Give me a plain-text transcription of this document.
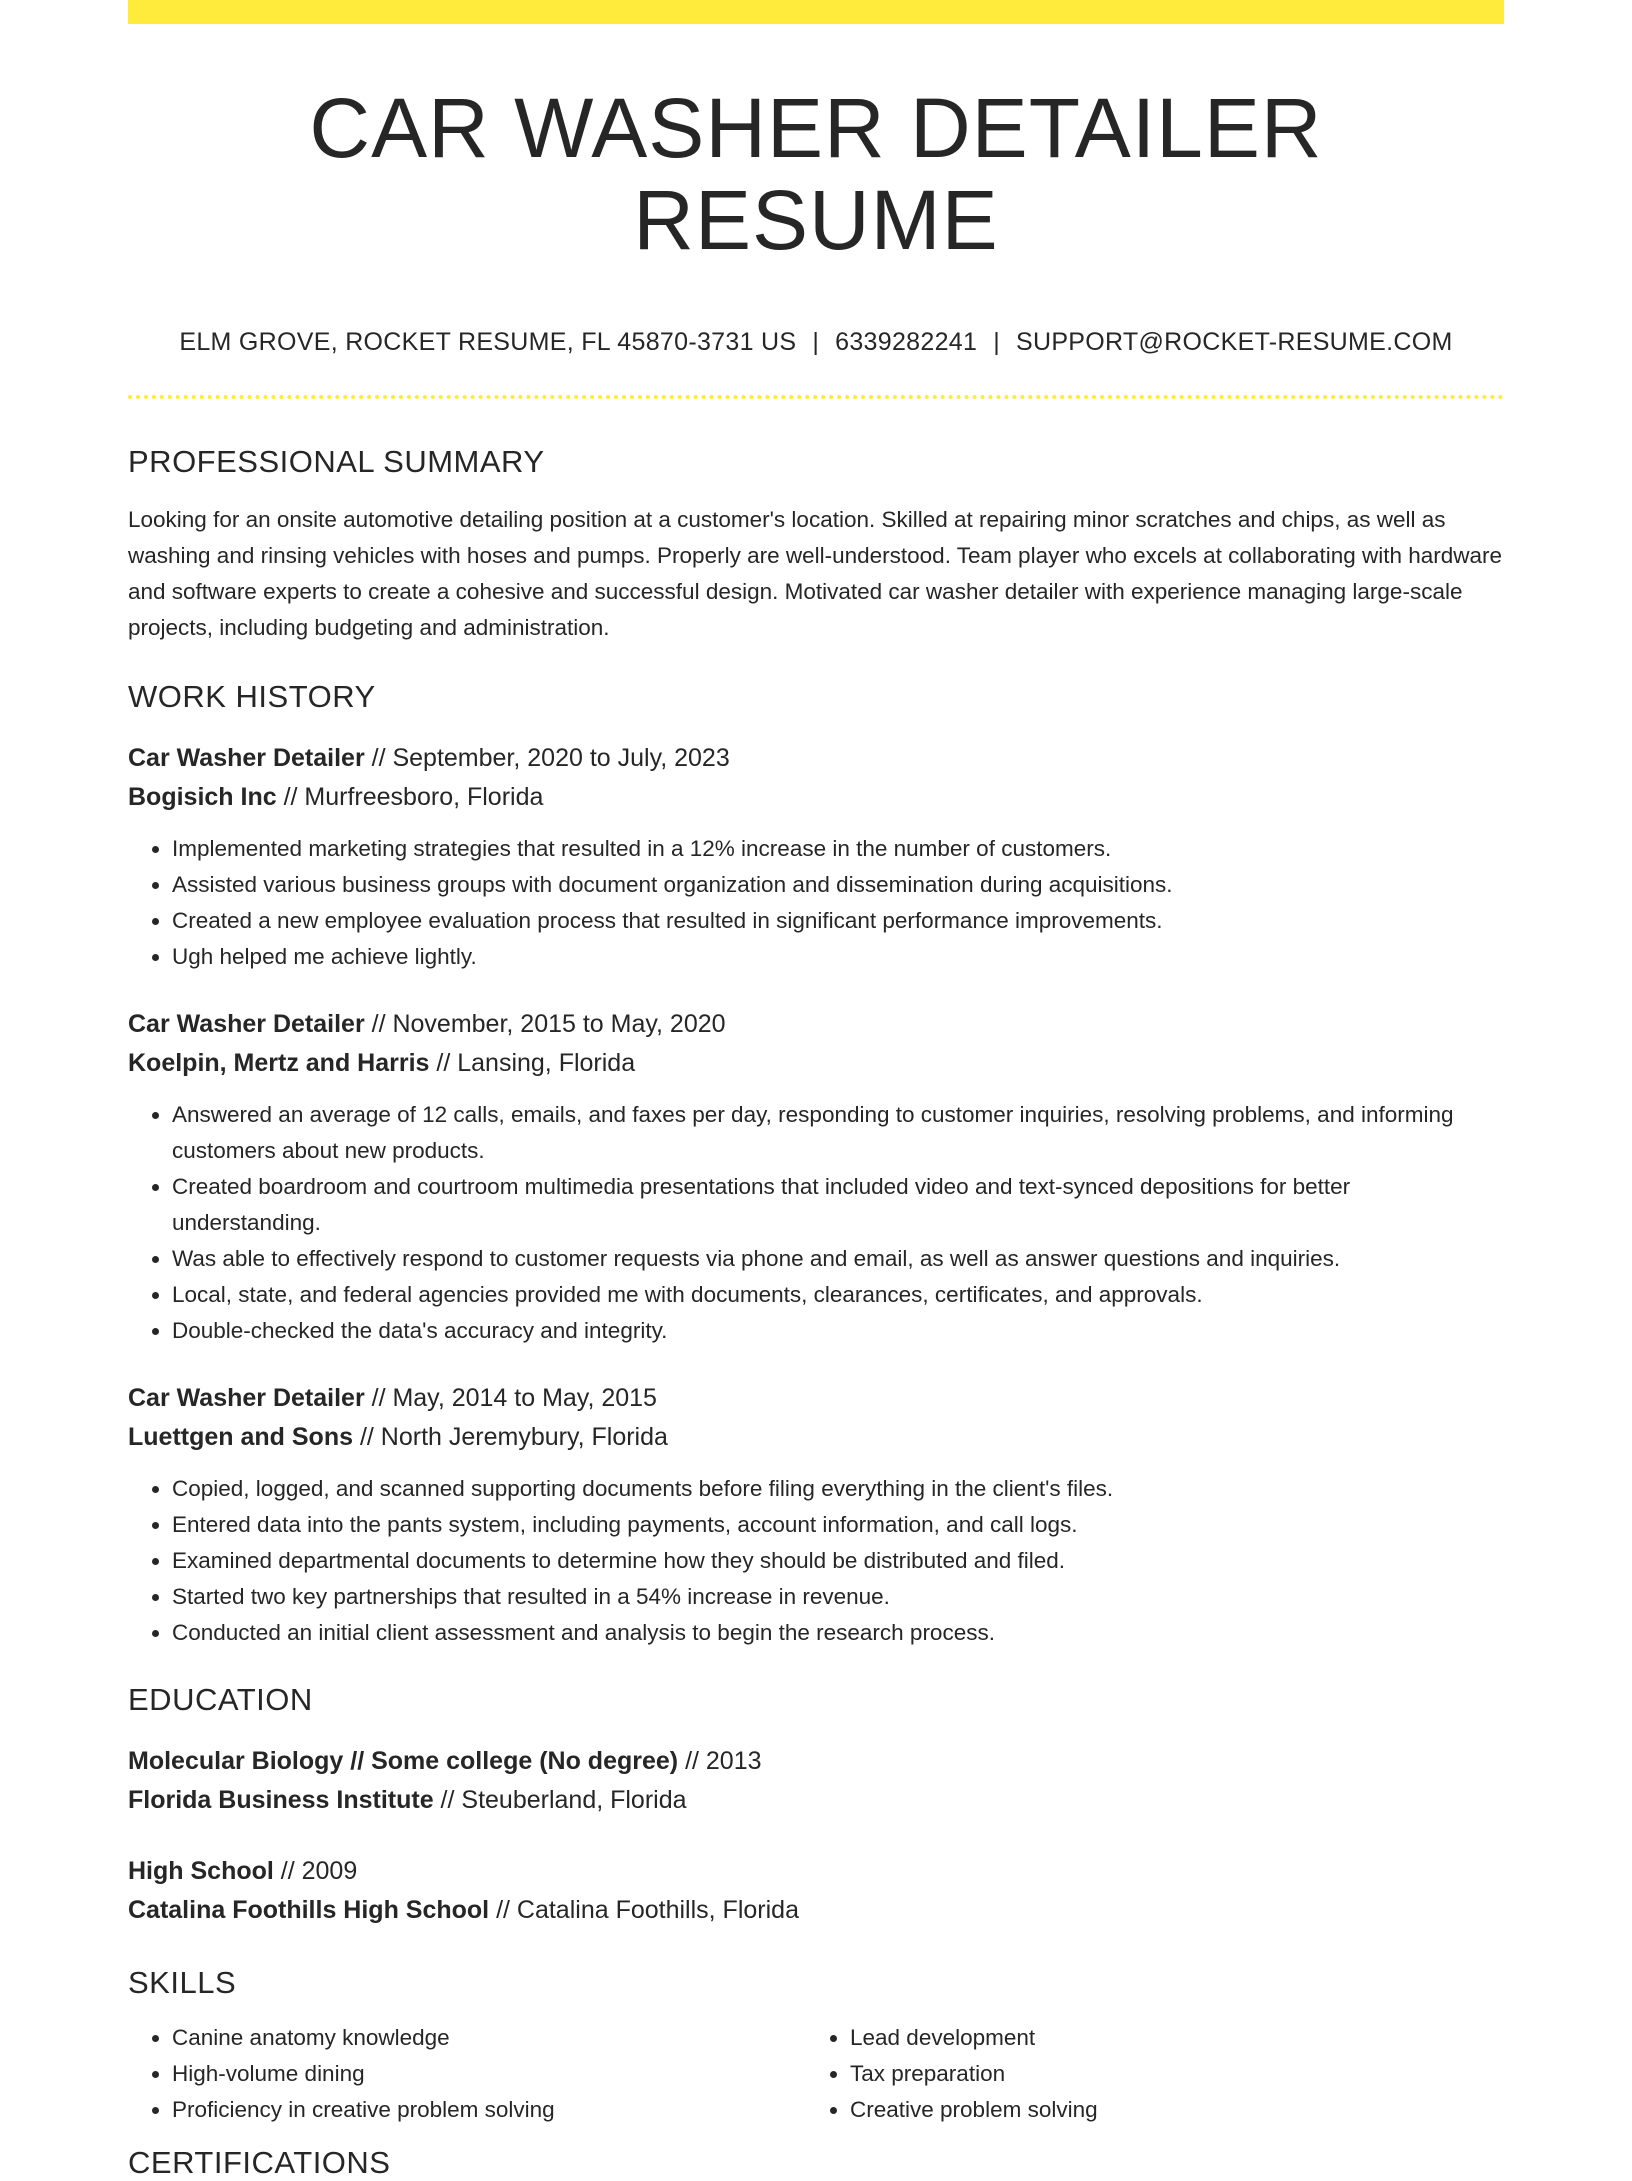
CAR WASHER DETAILER RESUME
ELM GROVE, ROCKET RESUME, FL 45870-3731 US | 6339282241 | SUPPORT@ROCKET-RESUME.COM
PROFESSIONAL SUMMARY

Looking for an onsite automotive detailing position at a customer's location. Skilled at repairing minor scratches and chips, as well as washing and rinsing vehicles with hoses and pumps. Properly are well-understood. Team player who excels at collaborating with hardware and software experts to create a cohesive and successful design. Motivated car washer detailer with experience managing large-scale projects, including budgeting and administration.

WORK HISTORY
Car Washer Detailer // September, 2020 to July, 2023
Bogisich Inc // Murfreesboro, Florida
• Implemented marketing strategies that resulted in a 12% increase in the number of customers.
• Assisted various business groups with document organization and dissemination during acquisitions.
• Created a new employee evaluation process that resulted in significant performance improvements.
• Ugh helped me achieve lightly.
Car Washer Detailer // November, 2015 to May, 2020
Koelpin, Mertz and Harris // Lansing, Florida
• Answered an average of 12 calls, emails, and faxes per day, responding to customer inquiries, resolving problems, and informing customers about new products.
• Created boardroom and courtroom multimedia presentations that included video and text-synced depositions for better understanding.
• Was able to effectively respond to customer requests via phone and email, as well as answer questions and inquiries.
• Local, state, and federal agencies provided me with documents, clearances, certificates, and approvals.
• Double-checked the data's accuracy and integrity.
Car Washer Detailer // May, 2014 to May, 2015
Luettgen and Sons // North Jeremybury, Florida
• Copied, logged, and scanned supporting documents before filing everything in the client's files.
• Entered data into the pants system, including payments, account information, and call logs.
• Examined departmental documents to determine how they should be distributed and filed.
• Started two key partnerships that resulted in a 54% increase in revenue.
• Conducted an initial client assessment and analysis to begin the research process.
EDUCATION
Molecular Biology // Some college (No degree) // 2013
Florida Business Institute // Steuberland, Florida
High School // 2009
Catalina Foothills High School // Catalina Foothills, Florida
SKILLS
• Canine anatomy knowledge
• High-volume dining
• Proficiency in creative problem solving
• Lead development
• Tax preparation
• Creative problem solving
CERTIFICATIONS
